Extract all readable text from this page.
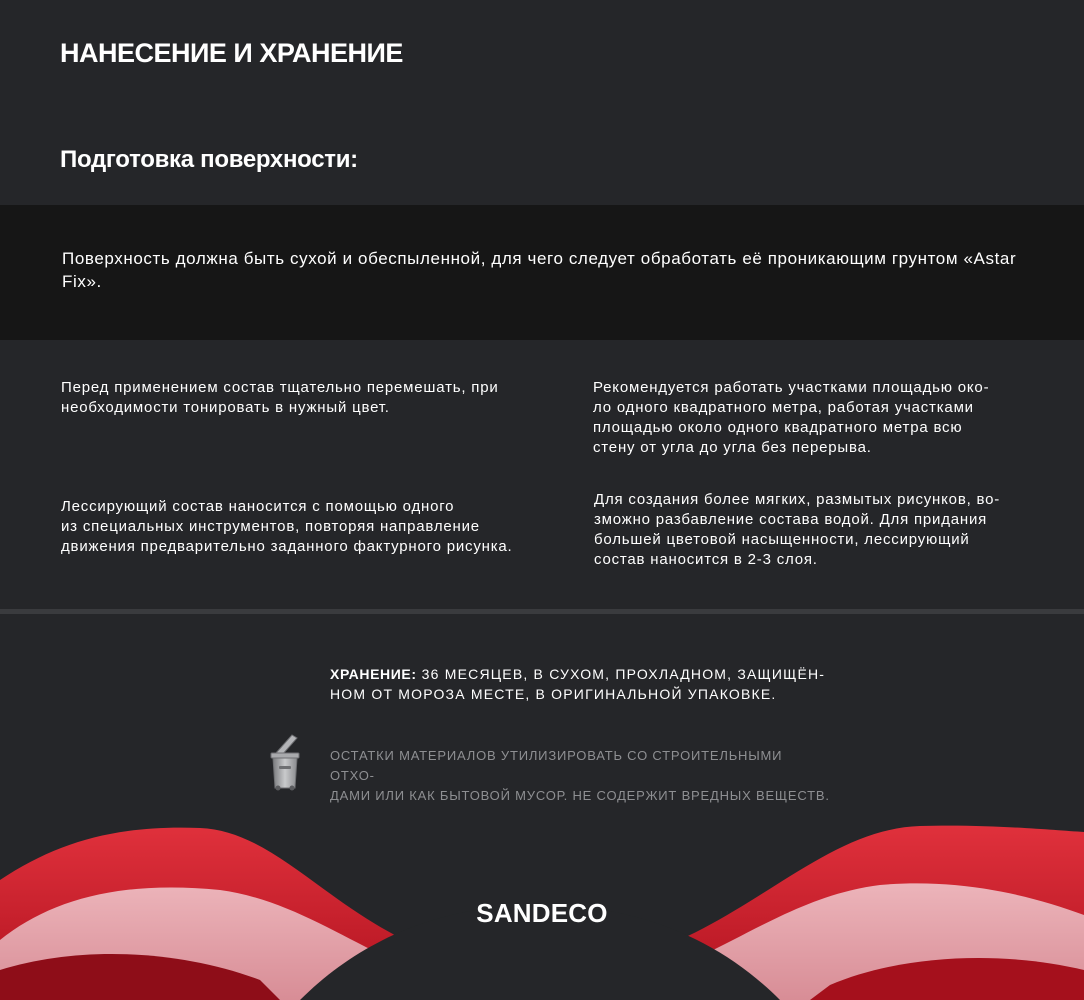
НАНЕСЕНИЕ И ХРАНЕНИЕ
Подготовка поверхности:

Поверхность должна быть сухой и обеспыленной, для чего следует обработать её проникающим грунтом «Astar Fix».

Перед применением состав тщательно перемешать, при
необходимости тонировать в нужный цвет.

Рекомендуется работать участками площадью око-
ло одного квадратного метра, работая участками
площадью около одного квадратного метра всю
стену от угла до угла без перерыва.

Лессирующий состав наносится с помощью одного
из специальных инструментов, повторяя направление
движения предварительно заданного фактурного рисунка.

Для создания более мягких, размытых рисунков, во-
зможно разбавление состава водой. Для придания
большей цветовой насыщенности, лессирующий
состав наносится в 2-3 слоя.

ХРАНЕНИЕ: 36 МЕСЯЦЕВ, В СУХОМ, ПРОХЛАДНОМ, ЗАЩИЩЁН-
НОМ ОТ МОРОЗА МЕСТЕ, В ОРИГИНАЛЬНОЙ УПАКОВКЕ.

ОСТАТКИ МАТЕРИАЛОВ УТИЛИЗИРОВАТЬ СО СТРОИТЕЛЬНЫМИ ОТХО-
ДАМИ ИЛИ КАК БЫТОВОЙ МУСОР. НЕ СОДЕРЖИТ ВРЕДНЫХ ВЕЩЕСТВ.

SANDECO
